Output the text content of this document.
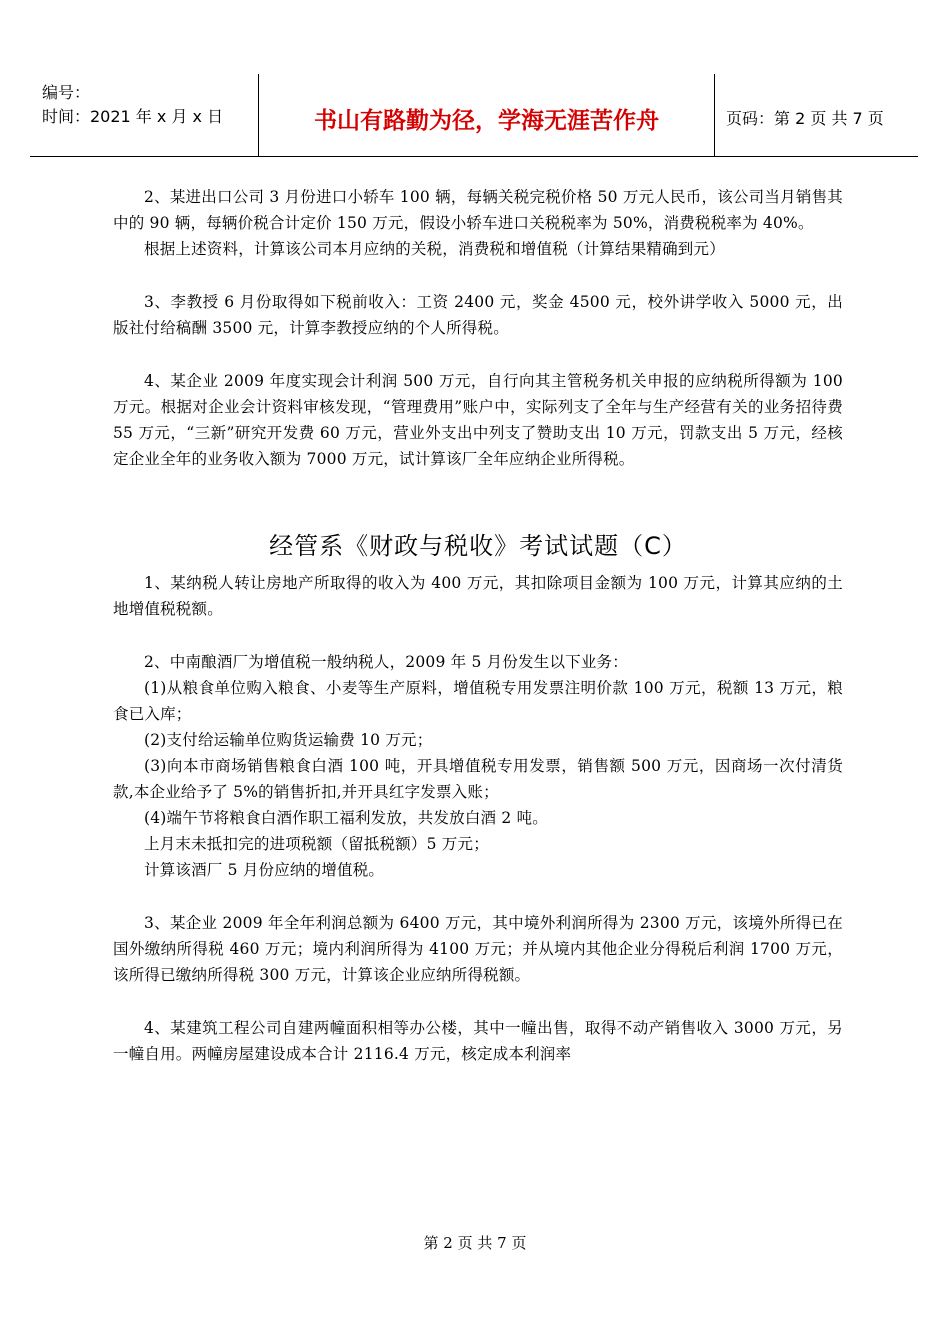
编号：
时间：2021 年 x 月 x 日	书山有路勤为径，学海无涯苦作舟	页码：第 2 页 共 7 页

2、某进出口公司 3 月份进口小轿车 100 辆，每辆关税完税价格 50 万元人民币，该公司当月销售其中的 90 辆，每辆价税合计定价 150 万元，假设小轿车进口关税税率为 50%，消费税税率为 40%。

根据上述资料，计算该公司本月应纳的关税，消费税和增值税（计算结果精确到元）

3、李教授 6 月份取得如下税前收入：工资 2400 元，奖金 4500 元，校外讲学收入 5000 元，出版社付给稿酬 3500 元，计算李教授应纳的个人所得税。

4、某企业 2009 年度实现会计利润 500 万元，自行向其主管税务机关申报的应纳税所得额为 100 万元。根据对企业会计资料审核发现，“管理费用”账户中，实际列支了全年与生产经营有关的业务招待费 55 万元，“三新”研究开发费 60 万元，营业外支出中列支了赞助支出 10 万元，罚款支出 5 万元，经核定企业全年的业务收入额为 7000 万元，试计算该厂全年应纳企业所得税。

经管系《财政与税收》考试试题（C）

1、某纳税人转让房地产所取得的收入为 400 万元，其扣除项目金额为 100 万元，计算其应纳的土地增值税税额。

2、中南酿酒厂为增值税一般纳税人，2009 年 5 月份发生以下业务：

(1)从粮食单位购入粮食、小麦等生产原料，增值税专用发票注明价款 100 万元，税额 13 万元，粮食已入库；

(2)支付给运输单位购货运输费 10 万元；

(3)向本市商场销售粮食白酒 100 吨，开具增值税专用发票，销售额 500 万元，因商场一次付清货款,本企业给予了 5%的销售折扣,并开具红字发票入账；

(4)端午节将粮食白酒作职工福利发放，共发放白酒 2 吨。

上月末未抵扣完的进项税额（留抵税额）5 万元；

计算该酒厂 5 月份应纳的增值税。

3、某企业 2009 年全年利润总额为 6400 万元，其中境外利润所得为 2300 万元，该境外所得已在国外缴纳所得税 460 万元；境内利润所得为 4100 万元；并从境内其他企业分得税后利润 1700 万元，该所得已缴纳所得税 300 万元，计算该企业应纳所得税额。

4、某建筑工程公司自建两幢面积相等办公楼，其中一幢出售，取得不动产销售收入 3000 万元，另一幢自用。两幢房屋建设成本合计 2116.4 万元，核定成本利润率

第 2 页 共 7 页
